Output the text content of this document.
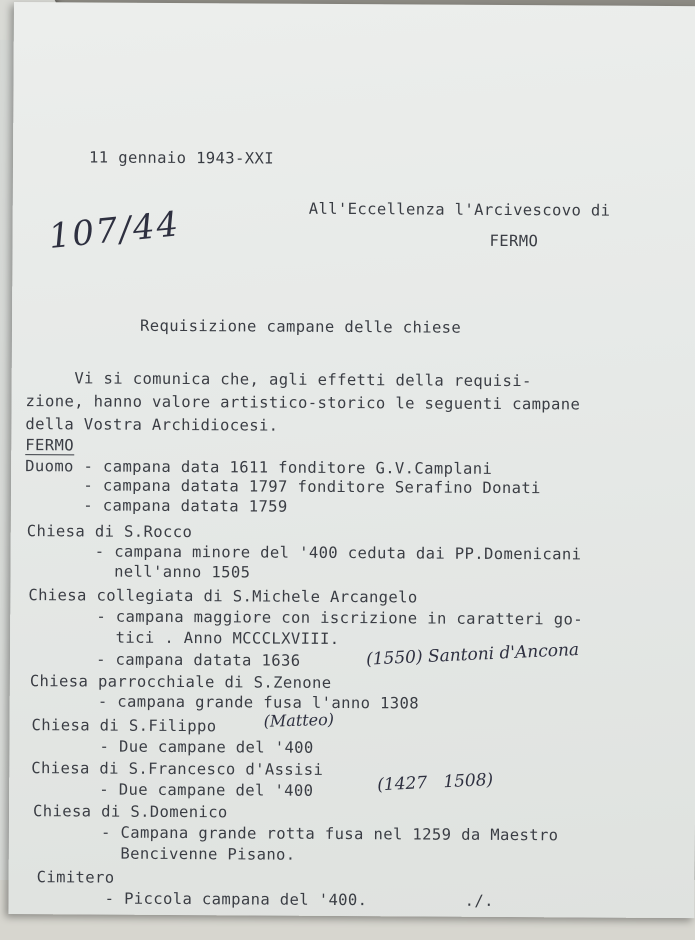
11 gennaio 1943-XXI
107/44	All'Eccellenza l'Arcivescovo di
FERMO
Requisizione campane delle chiese
Vi si comunica che, agli effetti della requisi-
zione, hanno valore artistico-storico le seguenti campane
della Vostra Archidiocesi.
FERMO
Duomo - campana data 1611 fonditore G.V.Camplani
- campana datata 1797 fonditore Serafino Donati
- campana datata 1759
Chiesa di S.Rocco
- campana minore del '400 ceduta dai PP.Domenicani
nell'anno 1505
Chiesa collegiata di S.Michele Arcangelo
- campana maggiore con iscrizione in caratteri go-
tici . Anno MCCCLXVIII.
- campana datata 1636
Chiesa parrocchiale di S.Zenone
- campana grande fusa l'anno 1308
Chiesa di S.Filippo
- Due campane del '400
Chiesa di S.Francesco d'Assisi
- Due campane del '400
Chiesa di S.Domenico
- Campana grande rotta fusa nel 1259 da Maestro
Bencivenne Pisano.
Cimitero
- Piccola campana del '400.          ./.
(1550) Santoni d'Ancona
(Matteo)
(1427   1508)
